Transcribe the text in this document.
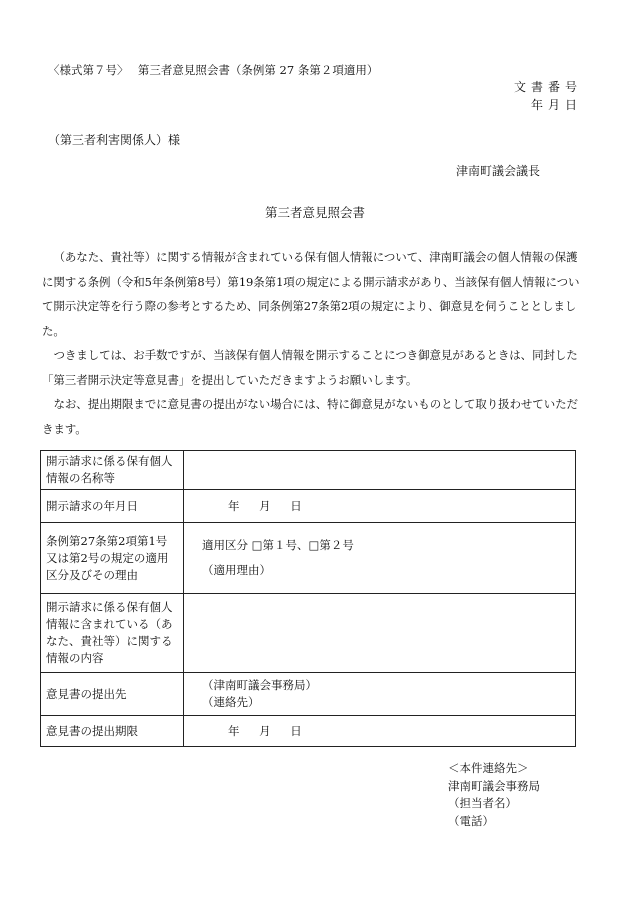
〈様式第７号〉　 第三者意見照会書（条例第 27 条第２項適用）
文書番号
年月日
（第三者利害関係人）様
津南町議会議長
第三者意見照会書

（あなた、貴社等）に関する情報が含まれている保有個人情報について、津南町議会の個人情報の保護に関する条例（令和5年条例第8号）第19条第1項の規定による開示請求があり、当該保有個人情報について開示決定等を行う際の参考とするため、同条例第27条第2項の規定により、御意見を伺うこととしました。

つきましては、お手数ですが、当該保有個人情報を開示することにつき御意見があるときは、同封した「第三者開示決定等意見書」を提出していただきますようお願いします。

なお、提出期限までに意見書の提出がない場合には、特に御意見がないものとして取り扱わせていただきます。

開示請求に係る保有個人情報の名称等	
開示請求の年月日	年 月 日
条例第27条第2項第1号又は第2号の規定の適用区分及びその理由	適用区分 □第１号、□第２号
（適用理由）

開示請求に係る保有個人情報に含まれている（あなた、貴社等）に関する情報の内容	
意見書の提出先	（津南町議会事務局）
（連絡先）

意見書の提出期限	年 月 日
＜本件連絡先＞
津南町議会事務局
（担当者名）
（電話）
